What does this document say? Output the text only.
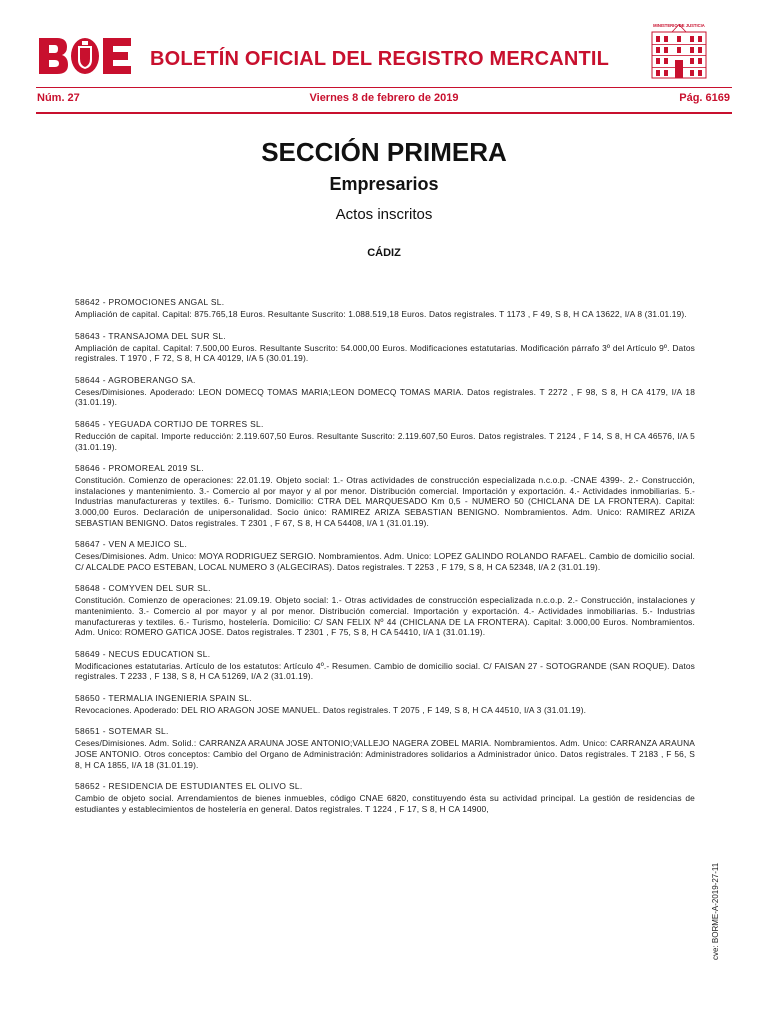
BOLETÍN OFICIAL DEL REGISTRO MERCANTIL
MINISTERIO DE JUSTICIA
Núm. 27	Viernes 8 de febrero de 2019	Pág. 6169
SECCIÓN PRIMERA
Empresarios
Actos inscritos
CÁDIZ
58642 - PROMOCIONES ANGAL SL.
Ampliación de capital. Capital: 875.765,18 Euros. Resultante Suscrito: 1.088.519,18 Euros. Datos registrales. T 1173 , F 49, S 8, H CA 13622, I/A 8 (31.01.19).
58643 - TRANSAJOMA DEL SUR SL.
Ampliación de capital. Capital: 7.500,00 Euros. Resultante Suscrito: 54.000,00 Euros. Modificaciones estatutarias. Modificación párrafo 3º del Artículo 9º. Datos registrales. T 1970 , F 72, S 8, H CA 40129, I/A 5 (30.01.19).
58644 - AGROBERANGO SA.
Ceses/Dimisiones. Apoderado: LEON DOMECQ TOMAS MARIA;LEON DOMECQ TOMAS MARIA. Datos registrales. T 2272 , F 98, S 8, H CA 4179, I/A 18 (31.01.19).
58645 - YEGUADA CORTIJO DE TORRES SL.
Reducción de capital. Importe reducción: 2.119.607,50 Euros. Resultante Suscrito: 2.119.607,50 Euros. Datos registrales. T 2124 , F 14, S 8, H CA 46576, I/A 5 (31.01.19).
58646 - PROMOREAL 2019 SL.
Constitución. Comienzo de operaciones: 22.01.19. Objeto social: 1.- Otras actividades de construcción especializada n.c.o.p. -CNAE 4399-. 2.- Construcción, instalaciones y mantenimiento. 3.- Comercio al por mayor y al por menor. Distribución comercial. Importación y exportación. 4.- Actividades inmobiliarias. 5.- Industrias manufactureras y textiles. 6.- Turismo. Domicilio: CTRA DEL MARQUESADO Km 0,5 - NUMERO 50 (CHICLANA DE LA FRONTERA). Capital: 3.000,00 Euros. Declaración de unipersonalidad. Socio único: RAMIREZ ARIZA SEBASTIAN BENIGNO. Nombramientos. Adm. Unico: RAMIREZ ARIZA SEBASTIAN BENIGNO. Datos registrales. T 2301 , F 67, S 8, H CA 54408, I/A 1 (31.01.19).
58647 - VEN A MEJICO SL.
Ceses/Dimisiones. Adm. Unico: MOYA RODRIGUEZ SERGIO. Nombramientos. Adm. Unico: LOPEZ GALINDO ROLANDO RAFAEL. Cambio de domicilio social. C/ ALCALDE PACO ESTEBAN, LOCAL NUMERO 3 (ALGECIRAS). Datos registrales. T 2253 , F 179, S 8, H CA 52348, I/A 2 (31.01.19).
58648 - COMYVEN DEL SUR SL.
Constitución. Comienzo de operaciones: 21.09.19. Objeto social: 1.- Otras actividades de construcción especializada n.c.o.p. 2.- Construcción, instalaciones y mantenimiento. 3.- Comercio al por mayor y al por menor. Distribución comercial. Importación y exportación. 4.- Actividades inmobiliarias. 5.- Industrias manufactureras y textiles. 6.- Turismo, hostelería. Domicilio: C/ SAN FELIX Nº 44 (CHICLANA DE LA FRONTERA). Capital: 3.000,00 Euros. Nombramientos. Adm. Unico: ROMERO GATICA JOSE. Datos registrales. T 2301 , F 75, S 8, H CA 54410, I/A 1 (31.01.19).
58649 - NECUS EDUCATION SL.
Modificaciones estatutarias. Artículo de los estatutos: Artículo 4º.- Resumen. Cambio de domicilio social. C/ FAISAN 27 - SOTOGRANDE (SAN ROQUE). Datos registrales. T 2233 , F 138, S 8, H CA 51269, I/A 2 (31.01.19).
58650 - TERMALIA INGENIERIA SPAIN SL.
Revocaciones. Apoderado: DEL RIO ARAGON JOSE MANUEL. Datos registrales. T 2075 , F 149, S 8, H CA 44510, I/A 3 (31.01.19).
58651 - SOTEMAR SL.
Ceses/Dimisiones. Adm. Solid.: CARRANZA ARAUNA JOSE ANTONIO;VALLEJO NAGERA ZOBEL MARIA. Nombramientos. Adm. Unico: CARRANZA ARAUNA JOSE ANTONIO. Otros conceptos: Cambio del Organo de Administración: Administradores solidarios a Administrador único. Datos registrales. T 2183 , F 56, S 8, H CA 1855, I/A 18 (31.01.19).
58652 - RESIDENCIA DE ESTUDIANTES EL OLIVO SL.
Cambio de objeto social. Arrendamientos de bienes inmuebles, código CNAE 6820, constituyendo ésta su actividad principal. La gestión de residencias de estudiantes y establecimientos de hostelería en general. Datos registrales. T 1224 , F 17, S 8, H CA 14900,
cve: BORME-A-2019-27-11
